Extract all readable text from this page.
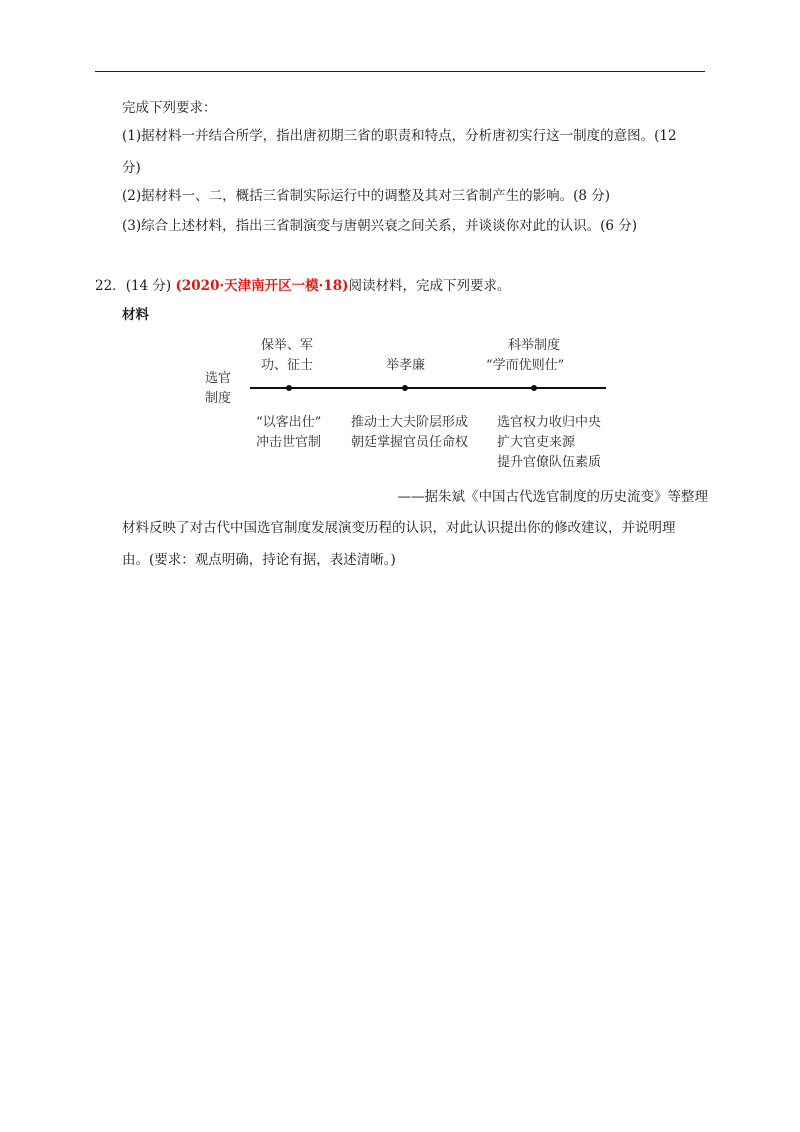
完成下列要求：
(1)据材料一并结合所学，指出唐初期三省的职责和特点，分析唐初实行这一制度的意图。(12
分)
(2)据材料一、二，概括三省制实际运行中的调整及其对三省制产生的影响。(8 分)
(3)综合上述材料，指出三省制演变与唐朝兴衰之间关系，并谈谈你对此的认识。(6 分)
22．(14 分) (2020·天津南开区一模·18)阅读材料，完成下列要求。
材料
选官
制度
保举、军
功、征士	举孝廉
科举制度
“学而优则仕”
“以客出仕”
冲击世官制
推动士大夫阶层形成
朝廷掌握官员任命权
选官权力收归中央
扩大官吏来源
提升官僚队伍素质
——据朱斌《中国古代选官制度的历史流变》等整理
材料反映了对古代中国选官制度发展演变历程的认识，对此认识提出你的修改建议，并说明理
由。(要求：观点明确，持论有据，表述清晰。)
